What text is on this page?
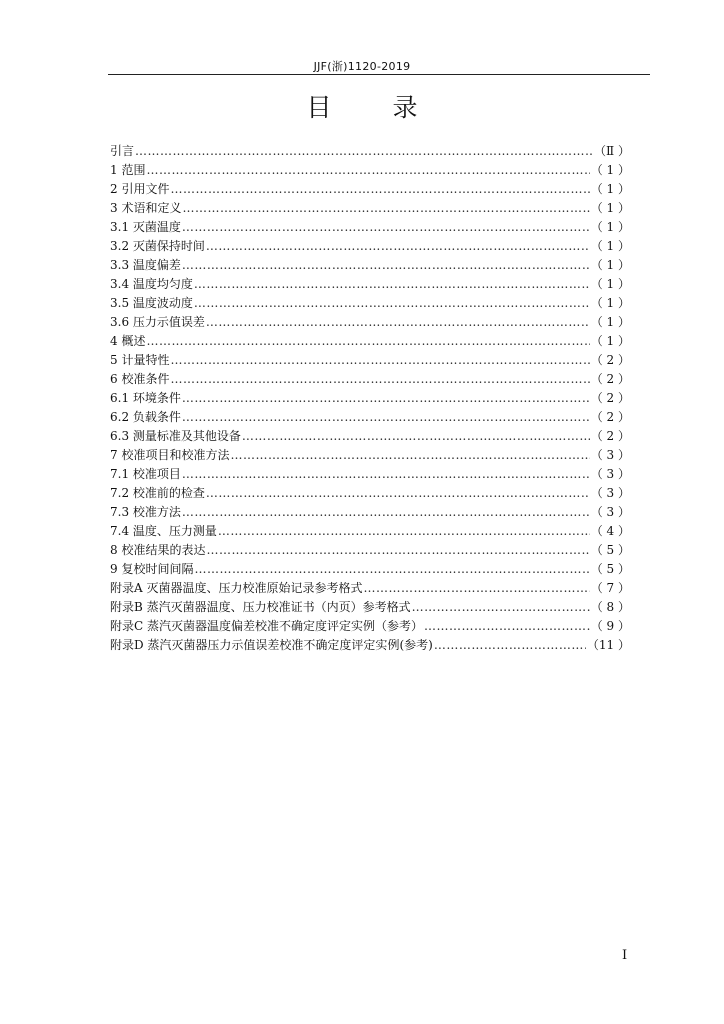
JJF(浙)1120-2019
目　录
引言 ………………………………………………………………………………………………………………………………………………………………………………………………	（Ⅱ ）
1 范围 ………………………………………………………………………………………………………………………………………………………………………………………………	（ 1 ）
2 引用文件 ………………………………………………………………………………………………………………………………………………………………………………………………	（ 1 ）
3 术语和定义 ………………………………………………………………………………………………………………………………………………………………………………………………	（ 1 ）
3.1 灭菌温度 ………………………………………………………………………………………………………………………………………………………………………………………………	（ 1 ）
3.2 灭菌保持时间 ………………………………………………………………………………………………………………………………………………………………………………………………	（ 1 ）
3.3 温度偏差 ………………………………………………………………………………………………………………………………………………………………………………………………	（ 1 ）
3.4 温度均匀度 ………………………………………………………………………………………………………………………………………………………………………………………………	（ 1 ）
3.5 温度波动度 ………………………………………………………………………………………………………………………………………………………………………………………………	（ 1 ）
3.6 压力示值误差 ………………………………………………………………………………………………………………………………………………………………………………………………	（ 1 ）
4 概述 ………………………………………………………………………………………………………………………………………………………………………………………………	（ 1 ）
5 计量特性 ………………………………………………………………………………………………………………………………………………………………………………………………	（ 2 ）
6 校准条件 ………………………………………………………………………………………………………………………………………………………………………………………………	（ 2 ）
6.1 环境条件 ………………………………………………………………………………………………………………………………………………………………………………………………	（ 2 ）
6.2 负载条件 ………………………………………………………………………………………………………………………………………………………………………………………………	（ 2 ）
6.3 测量标准及其他设备 ………………………………………………………………………………………………………………………………………………………………………………………………	（ 2 ）
7 校准项目和校准方法 ………………………………………………………………………………………………………………………………………………………………………………………………	（ 3 ）
7.1 校准项目 ………………………………………………………………………………………………………………………………………………………………………………………………	（ 3 ）
7.2 校准前的检查 ………………………………………………………………………………………………………………………………………………………………………………………………	（ 3 ）
7.3 校准方法 ………………………………………………………………………………………………………………………………………………………………………………………………	（ 3 ）
7.4 温度、压力测量 ………………………………………………………………………………………………………………………………………………………………………………………………	（ 4 ）
8 校准结果的表达 ………………………………………………………………………………………………………………………………………………………………………………………………	（ 5 ）
9 复校时间间隔 ………………………………………………………………………………………………………………………………………………………………………………………………	（ 5 ）
附录A 灭菌器温度、压力校准原始记录参考格式 ………………………………………………………………………………………………………………………………………………………………………………………………	（ 7 ）
附录B 蒸汽灭菌器温度、压力校准证书（内页）参考格式 ………………………………………………………………………………………………………………………………………………………………………………………………	（ 8 ）
附录C 蒸汽灭菌器温度偏差校准不确定度评定实例（参考） ………………………………………………………………………………………………………………………………………………………………………………………………	（ 9 ）
附录D 蒸汽灭菌器压力示值误差校准不确定度评定实例(参考) ………………………………………………………………………………………………………………………………………………………………………………………………	（11 ）
I
